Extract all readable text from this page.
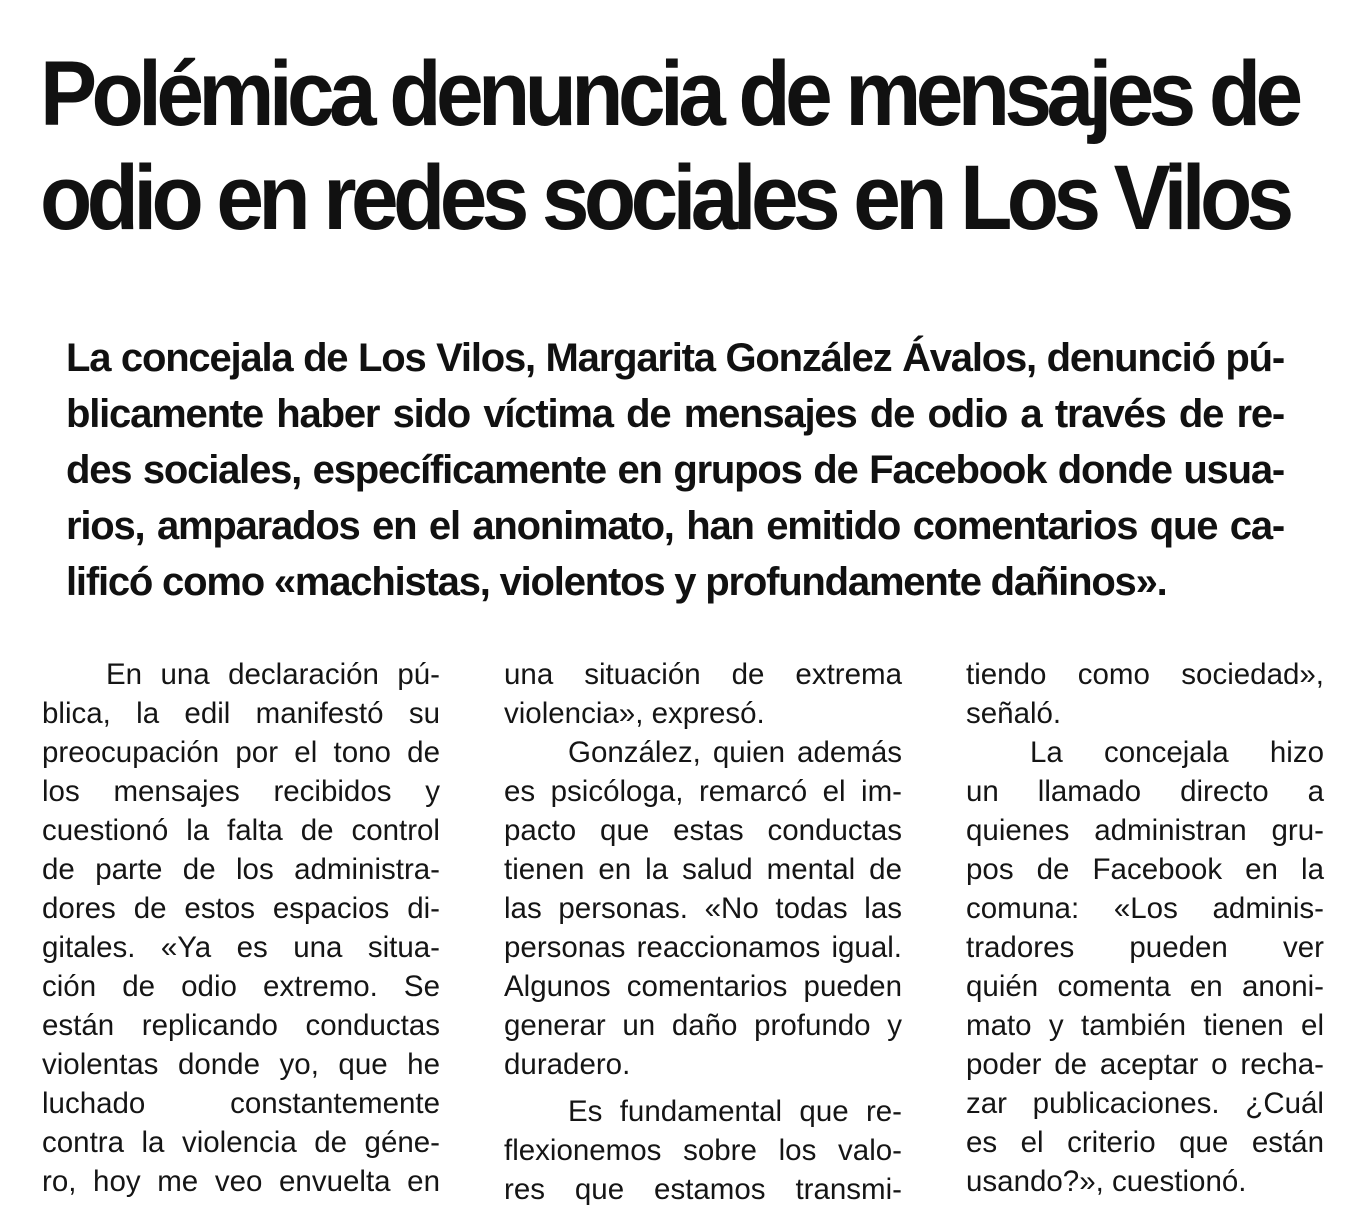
Polémica denuncia de mensajes de
odio en redes sociales en Los Vilos
La concejala de Los Vilos, Margarita González Ávalos, denunció pú-
blicamente haber sido víctima de mensajes de odio a través de re-
des sociales, específicamente en grupos de Facebook donde usua-
rios, amparados en el anonimato, han emitido comentarios que ca-
lificó como «machistas, violentos y profundamente dañinos».
En una declaración pú-
blica, la edil manifestó su
preocupación por el tono de
los mensajes recibidos y
cuestionó la falta de control
de parte de los administra-
dores de estos espacios di-
gitales. «Ya es una situa-
ción de odio extremo. Se
están replicando conductas
violentas donde yo, que he
luchado constantemente
contra la violencia de géne-
ro, hoy me veo envuelta en
una situación de extrema
violencia», expresó.
González, quien además
es psicóloga, remarcó el im-
pacto que estas conductas
tienen en la salud mental de
las personas. «No todas las
personas reaccionamos igual.
Algunos comentarios pueden
generar un daño profundo y
duradero.
Es fundamental que re-
flexionemos sobre los valo-
res que estamos transmi-
tiendo como sociedad»,
señaló.
La concejala hizo
un llamado directo a
quienes administran gru-
pos de Facebook en la
comuna: «Los adminis-
tradores pueden ver
quién comenta en anoni-
mato y también tienen el
poder de aceptar o recha-
zar publicaciones. ¿Cuál
es el criterio que están
usando?», cuestionó.
